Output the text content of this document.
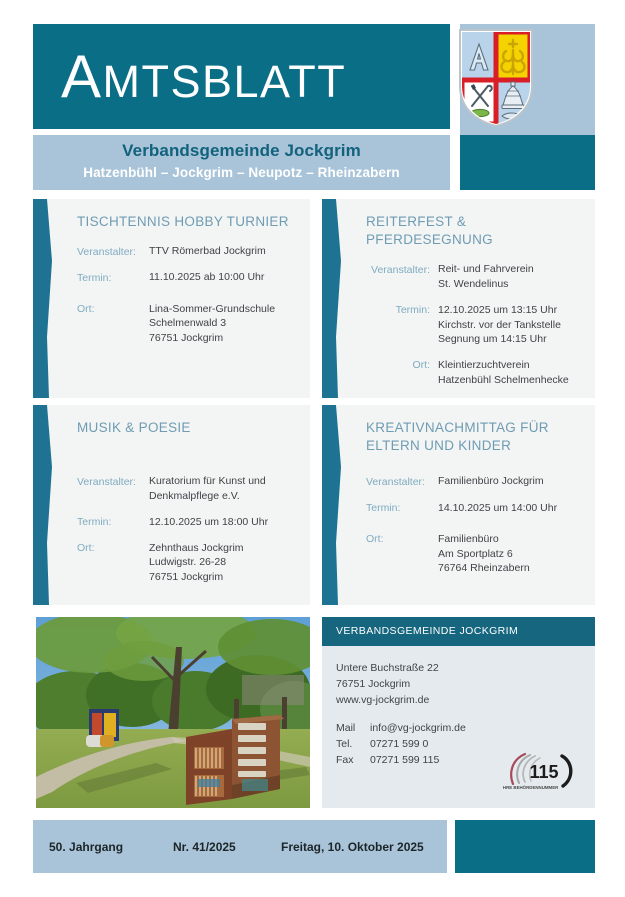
AMTSBLATT
Verbandsgemeinde Jockgrim
Hatzenbühl – Jockgrim – Neupotz – Rheinzabern
TISCHTENNIS HOBBY TURNIER
Veranstalter:	TTV Römerbad Jockgrim
Termin:	11.10.2025 ab 10:00 Uhr
Ort:	Lina-Sommer-Grundschule
Schelmenwald 3
76751 Jockgrim
REITERFEST & PFERDESEGNUNG
Veranstalter: Reit- und Fahrverein
St. Wendelinus
Termin: 12.10.2025 um 13:15 Uhr
Kirchstr. vor der Tankstelle
Segnung um 14:15 Uhr
Ort: Kleintierzuchtverein
Hatzenbühl Schelmenhecke
MUSIK & POESIE
Veranstalter:	Kuratorium für Kunst und
Denkmalpflege e.V.
Termin:	12.10.2025 um 18:00 Uhr
Ort:	Zehnthaus Jockgrim
Ludwigstr. 26-28
76751 Jockgrim
KREATIVNACHMITTAG FÜR ELTERN UND KINDER
Veranstalter:	Familienbüro Jockgrim
Termin:	14.10.2025 um 14:00 Uhr
Ort:	Familienbüro
Am Sportplatz 6
76764 Rheinzabern
VERBANDSGEMEINDE JOCKGRIM
Untere Buchstraße 22
76751 Jockgrim
www.vg-jockgrim.de
Mail	info@vg-jockgrim.de
Tel.	07271 599 0
Fax	07271 599 115
115
IHRE BEHÖRDENNUMMER
50. Jahrgang	Nr. 41/2025	Freitag, 10. Oktober 2025
